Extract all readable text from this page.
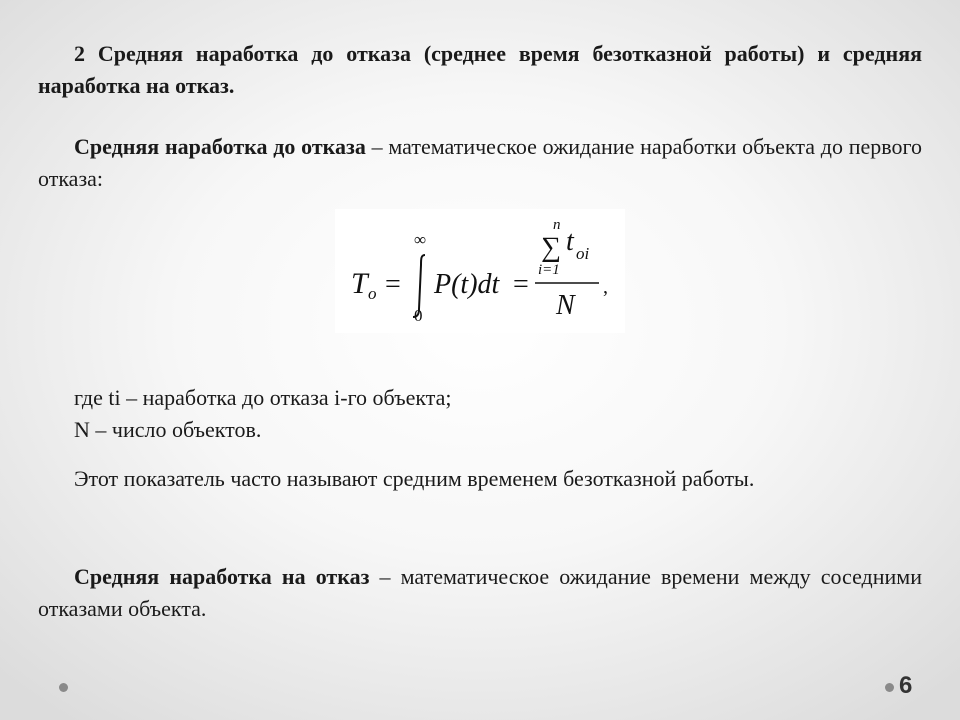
2 Средняя наработка до отказа (среднее время безотказной работы) и средняя наработка на отказ.
Средняя наработка до отказа – математическое ожидание наработки объекта до первого отказа:
T o =
∞
0
P(t)dt =
n
∑
i=1
t oi
N
,
где ti – наработка до отказа i-го объекта;
N – число объектов.
Этот показатель часто называют средним временем безотказной работы.
Средняя наработка на отказ – математическое ожидание времени между соседними отказами объекта.
6
